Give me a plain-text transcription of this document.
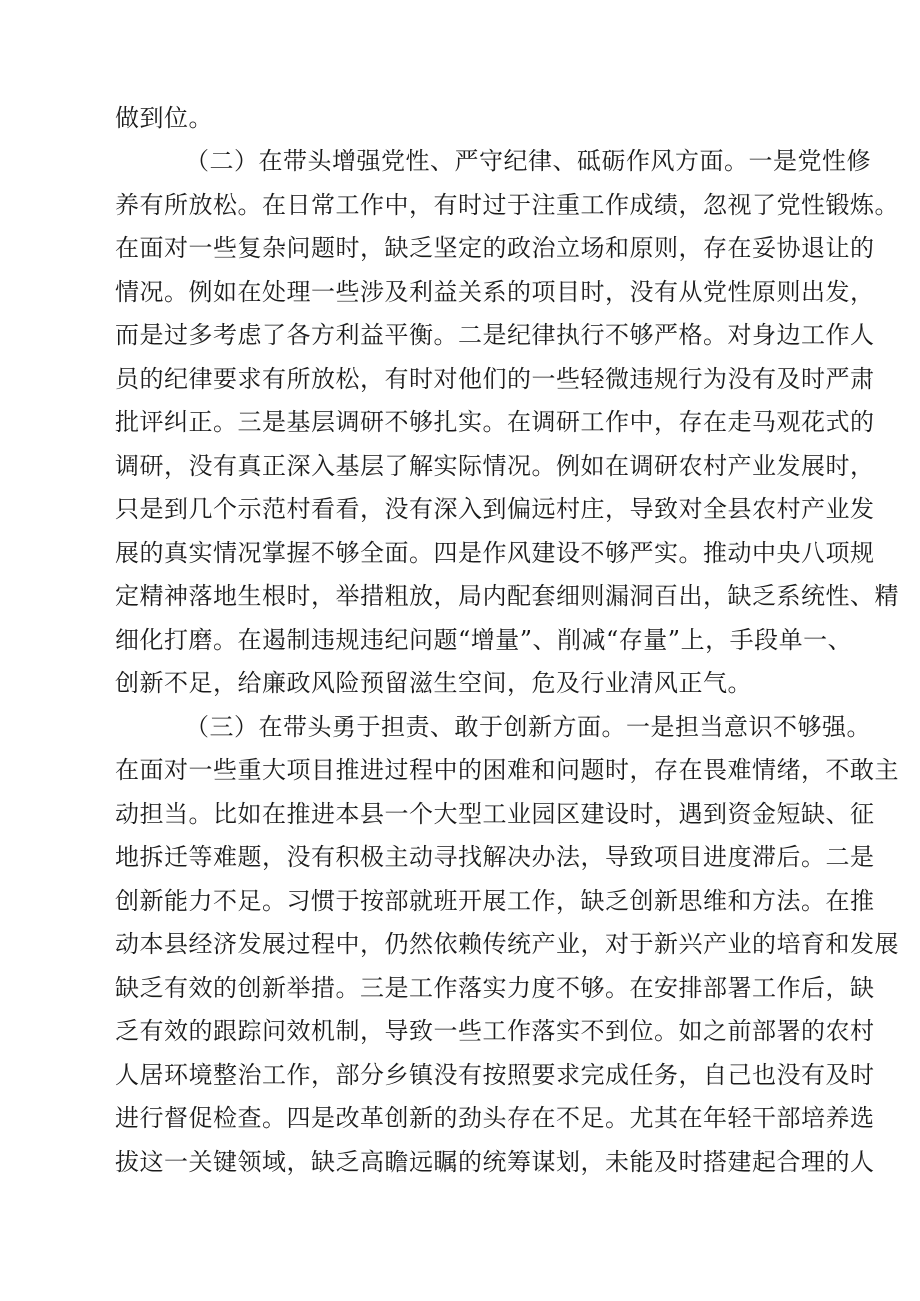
做到位。
（二）在带头增强党性、严守纪律、砥砺作风方面。一是党性修
养有所放松。在日常工作中，有时过于注重工作成绩，忽视了党性锻炼。
在面对一些复杂问题时，缺乏坚定的政治立场和原则，存在妥协退让的
情况。例如在处理一些涉及利益关系的项目时，没有从党性原则出发，
而是过多考虑了各方利益平衡。二是纪律执行不够严格。对身边工作人
员的纪律要求有所放松，有时对他们的一些轻微违规行为没有及时严肃
批评纠正。三是基层调研不够扎实。在调研工作中，存在走马观花式的
调研，没有真正深入基层了解实际情况。例如在调研农村产业发展时，
只是到几个示范村看看，没有深入到偏远村庄，导致对全县农村产业发
展的真实情况掌握不够全面。四是作风建设不够严实。推动中央八项规
定精神落地生根时，举措粗放，局内配套细则漏洞百出，缺乏系统性、精
细化打磨。在遏制违规违纪问题“增量”、削减“存量”上，手段单一、
创新不足，给廉政风险预留滋生空间，危及行业清风正气。
（三）在带头勇于担责、敢于创新方面。一是担当意识不够强。
在面对一些重大项目推进过程中的困难和问题时，存在畏难情绪，不敢主
动担当。比如在推进本县一个大型工业园区建设时，遇到资金短缺、征
地拆迁等难题，没有积极主动寻找解决办法，导致项目进度滞后。二是
创新能力不足。习惯于按部就班开展工作，缺乏创新思维和方法。在推
动本县经济发展过程中，仍然依赖传统产业，对于新兴产业的培育和发展
缺乏有效的创新举措。三是工作落实力度不够。在安排部署工作后，缺
乏有效的跟踪问效机制，导致一些工作落实不到位。如之前部署的农村
人居环境整治工作，部分乡镇没有按照要求完成任务，自己也没有及时
进行督促检查。四是改革创新的劲头存在不足。尤其在年轻干部培养选
拔这一关键领域，缺乏高瞻远瞩的统筹谋划，未能及时搭建起合理的人
